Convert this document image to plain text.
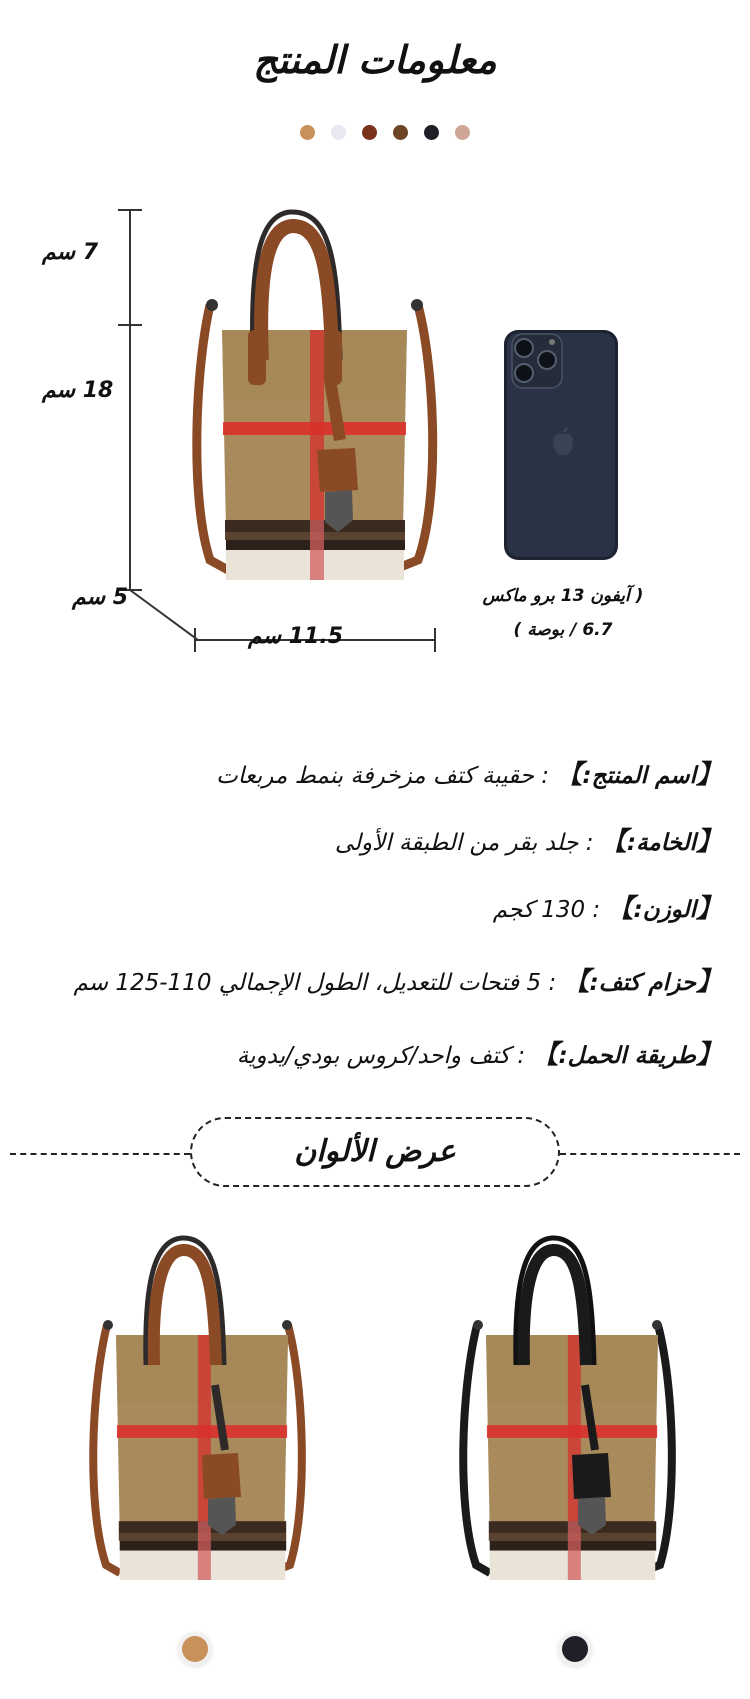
معلومات المنتج
7 سم
18 سم
5 سم
11.5 سم
( آيفون 13 برو ماكس
6.7 / بوصة )
【اسم المنتج:】 : حقيبة كتف مزخرفة بنمط مربعات
【الخامة:】 : جلد بقر من الطبقة الأولى
【الوزن:】 : 130 كجم
【حزام كتف:】 : 5 فتحات للتعديل، الطول الإجمالي 110-125 سم
【طريقة الحمل:】 : كتف واحد/كروس بودي/يدوية
عرض الألوان
